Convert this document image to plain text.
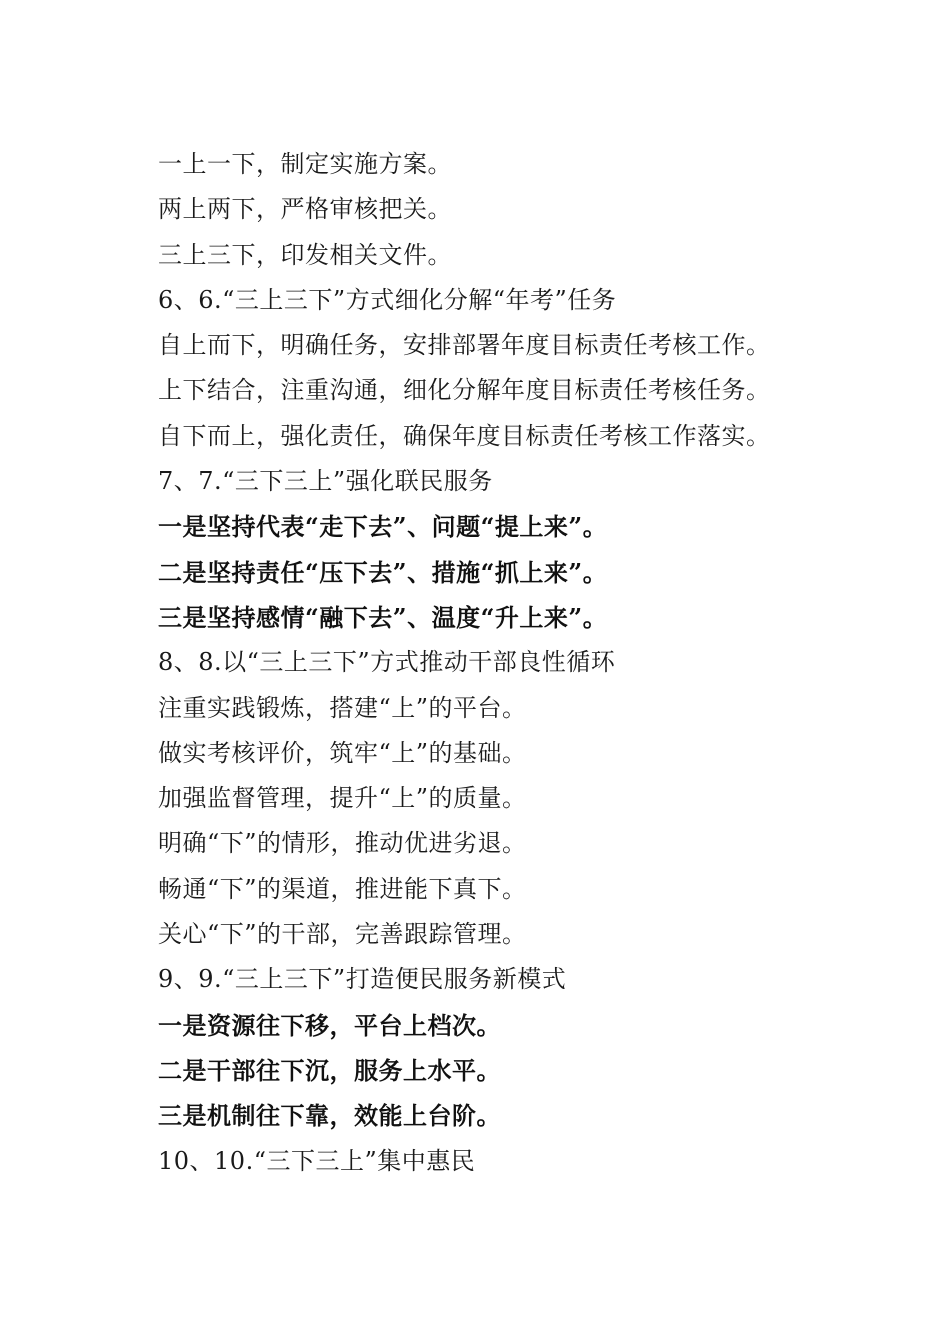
一上一下，制定实施方案。
两上两下，严格审核把关。
三上三下，印发相关文件。
6、6.“三上三下”方式细化分解“年考”任务
自上而下，明确任务，安排部署年度目标责任考核工作。
上下结合，注重沟通，细化分解年度目标责任考核任务。
自下而上，强化责任，确保年度目标责任考核工作落实。
7、7.“三下三上”强化联民服务
一是坚持代表“走下去”、问题“提上来”。
二是坚持责任“压下去”、措施“抓上来”。
三是坚持感情“融下去”、温度“升上来”。
8、8.以“三上三下”方式推动干部良性循环
注重实践锻炼，搭建“上”的平台。
做实考核评价，筑牢“上”的基础。
加强监督管理，提升“上”的质量。
明确“下”的情形，推动优进劣退。
畅通“下”的渠道，推进能下真下。
关心“下”的干部，完善跟踪管理。
9、9.“三上三下”打造便民服务新模式
一是资源往下移，平台上档次。
二是干部往下沉，服务上水平。
三是机制往下靠，效能上台阶。
10、10.“三下三上”集中惠民
